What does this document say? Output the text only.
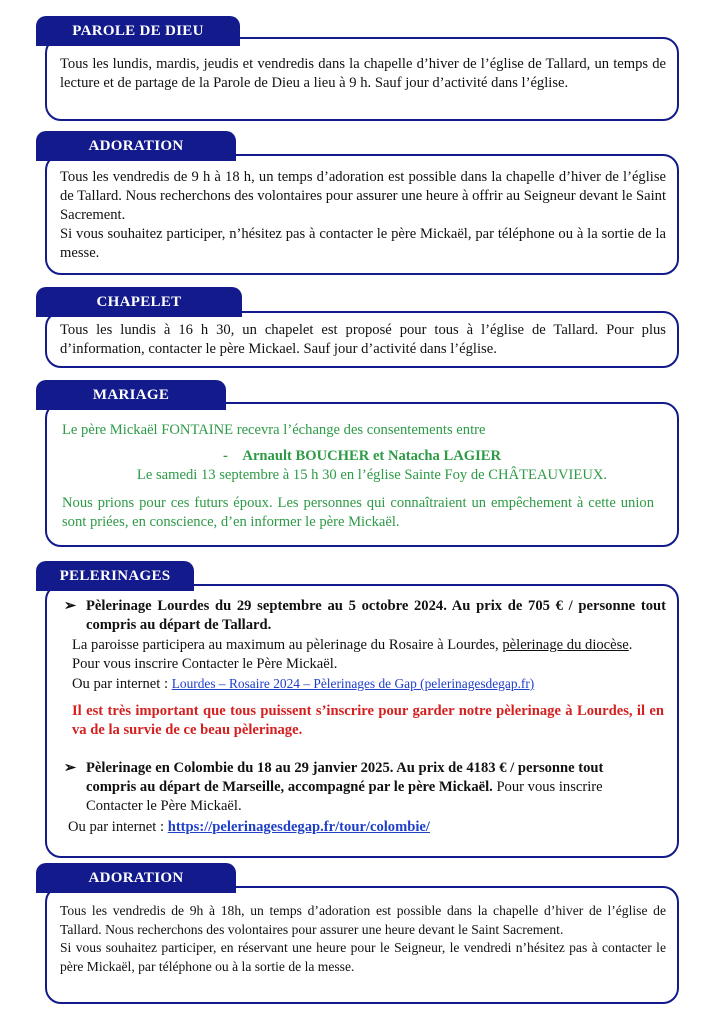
PAROLE DE DIEU
Tous les lundis, mardis, jeudis et vendredis dans la chapelle d’hiver de l’église de Tallard, un temps de lecture et de partage de la Parole de Dieu a lieu à 9 h. Sauf jour d’activité dans l’église.
ADORATION
Tous les vendredis de 9 h à 18 h, un temps d’adoration est possible dans la chapelle d’hiver de l’église de Tallard. Nous recherchons des volontaires pour assurer une heure à offrir au Seigneur devant le Saint Sacrement.
Si vous souhaitez participer, n’hésitez pas à contacter le père Mickaël, par téléphone ou à la sortie de la messe.
CHAPELET
Tous les lundis à 16 h 30, un chapelet est proposé pour tous à l’église de Tallard. Pour plus d’information, contacter le père Mickael. Sauf jour d’activité dans l’église.
MARIAGE
Le père Mickaël FONTAINE recevra l’échange des consentements entre
- Arnault BOUCHER et Natacha LAGIER
Le samedi 13 septembre à 15 h 30 en l’église Sainte Foy de CHÂTEAUVIEUX.
Nous prions pour ces futurs époux. Les personnes qui connaîtraient un empêchement à cette union sont priées, en conscience, d’en informer le père Mickaël.
PELERINAGES
➢ Pèlerinage Lourdes du 29 septembre au 5 octobre 2024. Au prix de 705 € / personne tout compris au départ de Tallard.
La paroisse participera au maximum au pèlerinage du Rosaire à Lourdes, pèlerinage du diocèse. Pour vous inscrire Contacter le Père Mickaël.
Ou par internet : Lourdes – Rosaire 2024 – Pèlerinages de Gap (pelerinagesdegap.fr)
Il est très important que tous puissent s’inscrire pour garder notre pèlerinage à Lourdes, il en va de la survie de ce beau pèlerinage.
➢ Pèlerinage en Colombie du 18 au 29 janvier 2025. Au prix de 4183 € / personne tout compris au départ de Marseille, accompagné par le père Mickaël. Pour vous inscrire Contacter le Père Mickaël.
Ou par internet : https://pelerinagesdegap.fr/tour/colombie/
ADORATION
Tous les vendredis de 9h à 18h, un temps d’adoration est possible dans la chapelle d’hiver de l’église de Tallard. Nous recherchons des volontaires pour assurer une heure devant le Saint Sacrement.
Si vous souhaitez participer, en réservant une heure pour le Seigneur, le vendredi n’hésitez pas à contacter le père Mickaël, par téléphone ou à la sortie de la messe.
